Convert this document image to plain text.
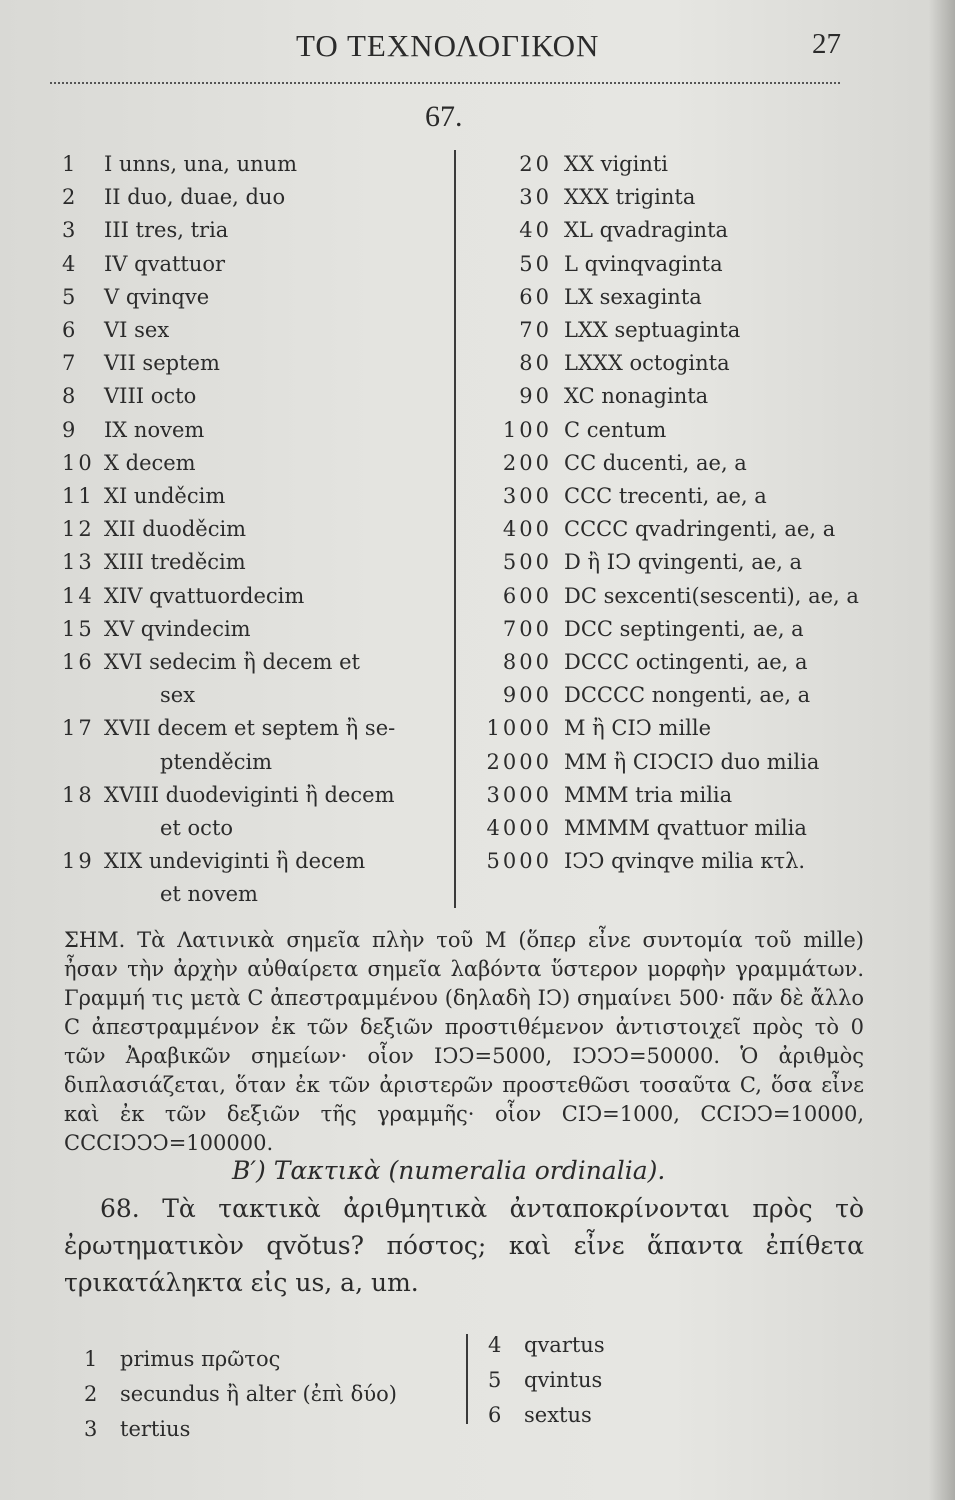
ΤΟ ΤΕΧΝΟΛΟΓΙΚΟΝ	27
67.
1 I unns, una, unum
2 II duo, duae, duo
3 III tres, tria
4 IV qvattuor
5 V qvinqve
6 VI sex
7 VII septem
8 VIII octo
9 IX novem
10 X decem
11 XI unděcim
12 XII duoděcim
13 XIII treděcim
14 XIV qvattuordecim
15 XV qvindecim
16 XVI sedecim ἢ decem et
sex
17 XVII decem et septem ἢ se-
ptenděcim
18 XVIII duodeviginti ἢ decem
et octo
19 XIX undeviginti ἢ decem
et novem
20 XX viginti
30 XXX triginta
40 XL qvadraginta
50 L qvinqvaginta
60 LX sexaginta
70 LXX septuaginta
80 LXXX octoginta
90 XC nonaginta
100 C centum
200 CC ducenti, ae, a
300 CCC trecenti, ae, a
400 CCCC qvadringenti, ae, a
500 D ἢ IϽ qvingenti, ae, a
600 DC sexcenti(sescenti), ae, a
700 DCC septingenti, ae, a
800 DCCC octingenti, ae, a
900 DCCCC nongenti, ae, a
1000 M ἢ CIϽ mille
2000 MM ἢ CIϽCIϽ duo milia
3000 MMM tria milia
4000 MMMM qvattuor milia
5000 IϽϽ qvinqve milia κτλ.

ΣΗΜ. Τὰ Λατινικὰ σημεῖα πλὴν τοῦ M (ὅπερ εἶνε συντομία τοῦ mille) ἦσαν τὴν ἀρχὴν αὐθαίρετα σημεῖα λαβόντα ὕστερον μορφὴν γραμμάτων. Γραμμή τις μετὰ C ἀπεστραμμένου (δηλαδὴ IϽ) σημαίνει 500· πᾶν δὲ ἄλλο C ἀπεστραμμένον ἐκ τῶν δεξιῶν προστιθέμενον ἀντιστοιχεῖ πρὸς τὸ 0 τῶν Ἀραβικῶν σημείων· οἷον IϽϽ=5000, IϽϽϽ=50000. Ὁ ἀριθμὸς διπλασιάζεται, ὅταν ἐκ τῶν ἀριστερῶν προστεθῶσι τοσαῦτα C, ὅσα εἶνε καὶ ἐκ τῶν δεξιῶν τῆς γραμμῆς· οἷον CIϽ=1000, CCIϽϽ=10000, CCCIϽϽϽ=100000.

B′) Τακτικὰ (numeralia ordinalia).

68. Τὰ τακτικὰ ἀριθμητικὰ ἀνταποκρίνονται πρὸς τὸ ἐρωτηματικὸν qvŏtus? πόστος; καὶ εἶνε ἅπαντα ἐπίθετα τρικατάληκτα εἰς us, a, um.

1 primus πρῶτος
2 secundus ἢ alter (ἐπὶ δύο)
3 tertius
4 qvartus
5 qvintus
6 sextus
